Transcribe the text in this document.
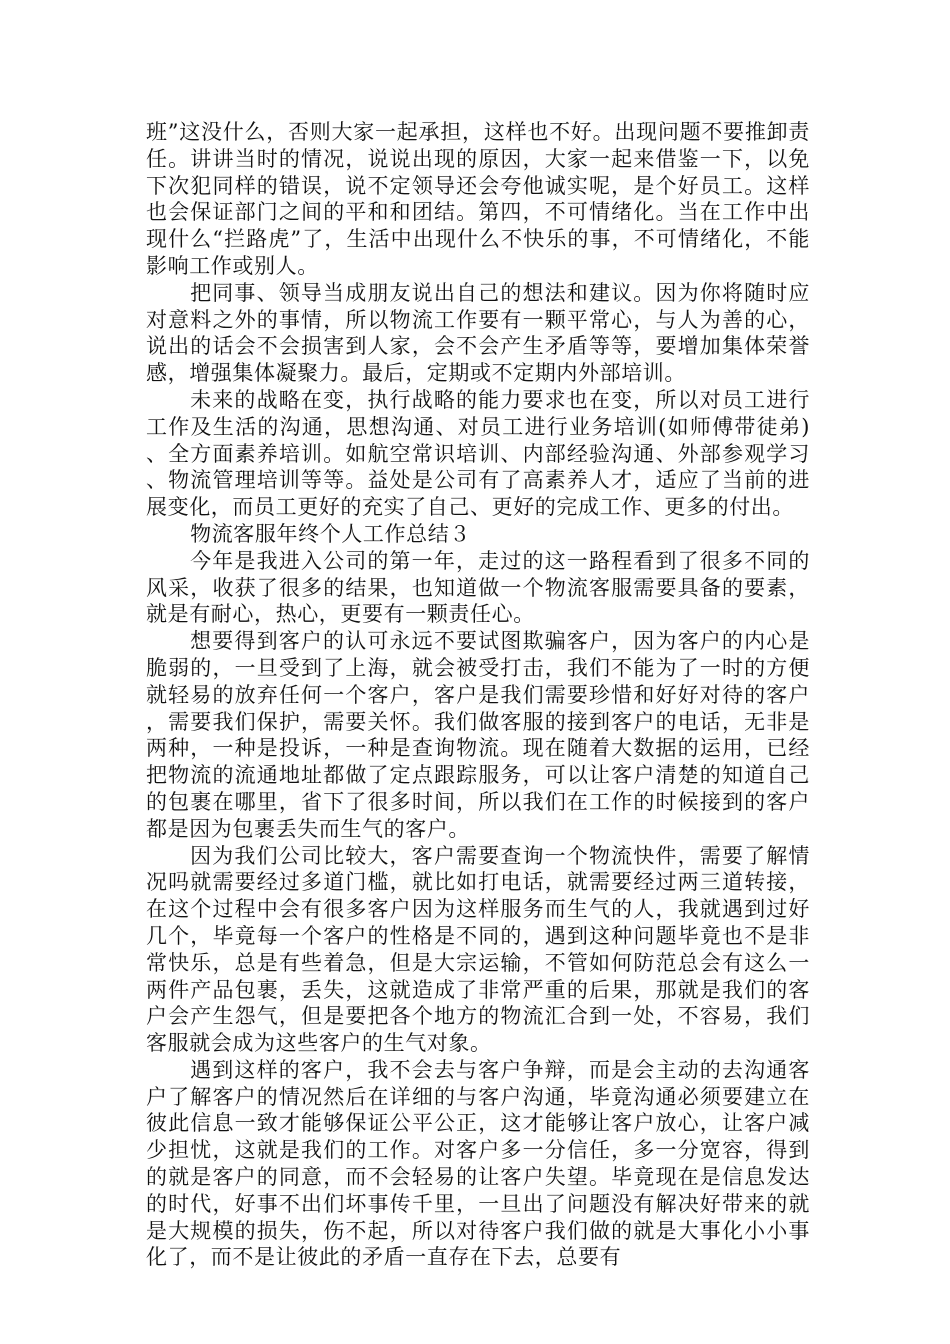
班”这没什么，否则大家一起承担，这样也不好。出现问题不要推卸责任。讲讲当时的情况，说说出现的原因，大家一起来借鉴一下，以免下次犯同样的错误，说不定领导还会夸他诚实呢，是个好员工。这样也会保证部门之间的平和和团结。第四，不可情绪化。当在工作中出现什么“拦路虎”了，生活中出现什么不快乐的事，不可情绪化，不能影响工作或别人。

把同事、领导当成朋友说出自己的想法和建议。因为你将随时应对意料之外的事情，所以物流工作要有一颗平常心，与人为善的心，说出的话会不会损害到人家，会不会产生矛盾等等，要增加集体荣誉感，增强集体凝聚力。最后，定期或不定期内外部培训。

未来的战略在变，执行战略的能力要求也在变，所以对员工进行工作及生活的沟通，思想沟通、对员工进行业务培训(如师傅带徒弟)、全方面素养培训。如航空常识培训、内部经验沟通、外部参观学习、物流管理培训等等。益处是公司有了高素养人才，适应了当前的进展变化，而员工更好的充实了自己、更好的完成工作、更多的付出。

物流客服年终个人工作总结３

今年是我进入公司的第一年，走过的这一路程看到了很多不同的风采，收获了很多的结果，也知道做一个物流客服需要具备的要素，就是有耐心，热心，更要有一颗责任心。

想要得到客户的认可永远不要试图欺骗客户，因为客户的内心是脆弱的，一旦受到了上海，就会被受打击，我们不能为了一时的方便就轻易的放弃任何一个客户，客户是我们需要珍惜和好好对待的客户，需要我们保护，需要关怀。我们做客服的接到客户的电话，无非是两种，一种是投诉，一种是查询物流。现在随着大数据的运用，已经把物流的流通地址都做了定点跟踪服务，可以让客户清楚的知道自己的包裹在哪里，省下了很多时间，所以我们在工作的时候接到的客户都是因为包裹丢失而生气的客户。

因为我们公司比较大，客户需要查询一个物流快件，需要了解情况吗就需要经过多道门槛，就比如打电话，就需要经过两三道转接，在这个过程中会有很多客户因为这样服务而生气的人，我就遇到过好几个，毕竟每一个客户的性格是不同的，遇到这种问题毕竟也不是非常快乐，总是有些着急，但是大宗运输，不管如何防范总会有这么一两件产品包裹，丢失，这就造成了非常严重的后果，那就是我们的客户会产生怨气，但是要把各个地方的物流汇合到一处，不容易，我们客服就会成为这些客户的生气对象。

遇到这样的客户，我不会去与客户争辩，而是会主动的去沟通客户了解客户的情况然后在详细的与客户沟通，毕竟沟通必须要建立在彼此信息一致才能够保证公平公正，这才能够让客户放心，让客户减少担忧，这就是我们的工作。对客户多一分信任，多一分宽容，得到的就是客户的同意，而不会轻易的让客户失望。毕竟现在是信息发达的时代，好事不出们坏事传千里，一旦出了问题没有解决好带来的就是大规模的损失，伤不起，所以对待客户我们做的就是大事化小小事化了，而不是让彼此的矛盾一直存在下去，总要有
